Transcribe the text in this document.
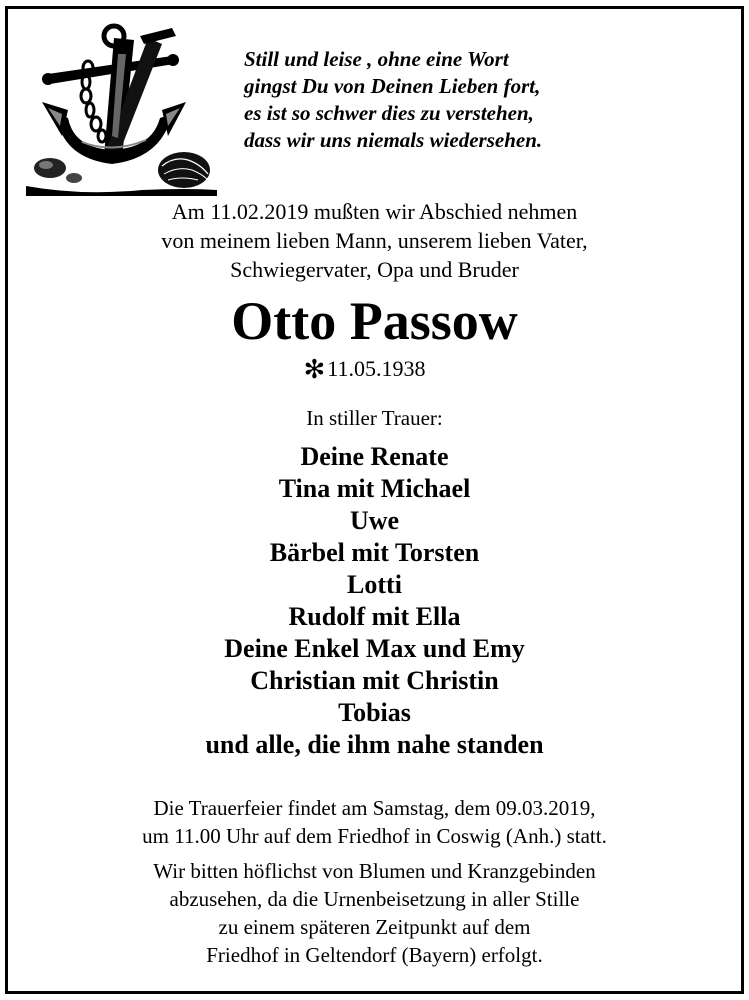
Still und leise , ohne eine Wort
gingst Du von Deinen Lieben fort,
es ist so schwer dies zu verstehen,
dass wir uns niemals wiedersehen.
Am 11.02.2019 mußten wir Abschied nehmen
von meinem lieben Mann, unserem lieben Vater,
Schwiegervater, Opa und Bruder
Otto Passow
✻11.05.1938
In stiller Trauer:
Deine Renate
Tina mit Michael
Uwe
Bärbel mit Torsten
Lotti
Rudolf mit Ella
Deine Enkel Max und Emy
Christian mit Christin
Tobias
und alle, die ihm nahe standen
Die Trauerfeier findet am Samstag, dem 09.03.2019,
um 11.00 Uhr auf dem Friedhof in Coswig (Anh.) statt.
Wir bitten höflichst von Blumen und Kranzgebinden
abzusehen, da die Urnenbeisetzung in aller Stille
zu einem späteren Zeitpunkt auf dem
Friedhof in Geltendorf (Bayern) erfolgt.
